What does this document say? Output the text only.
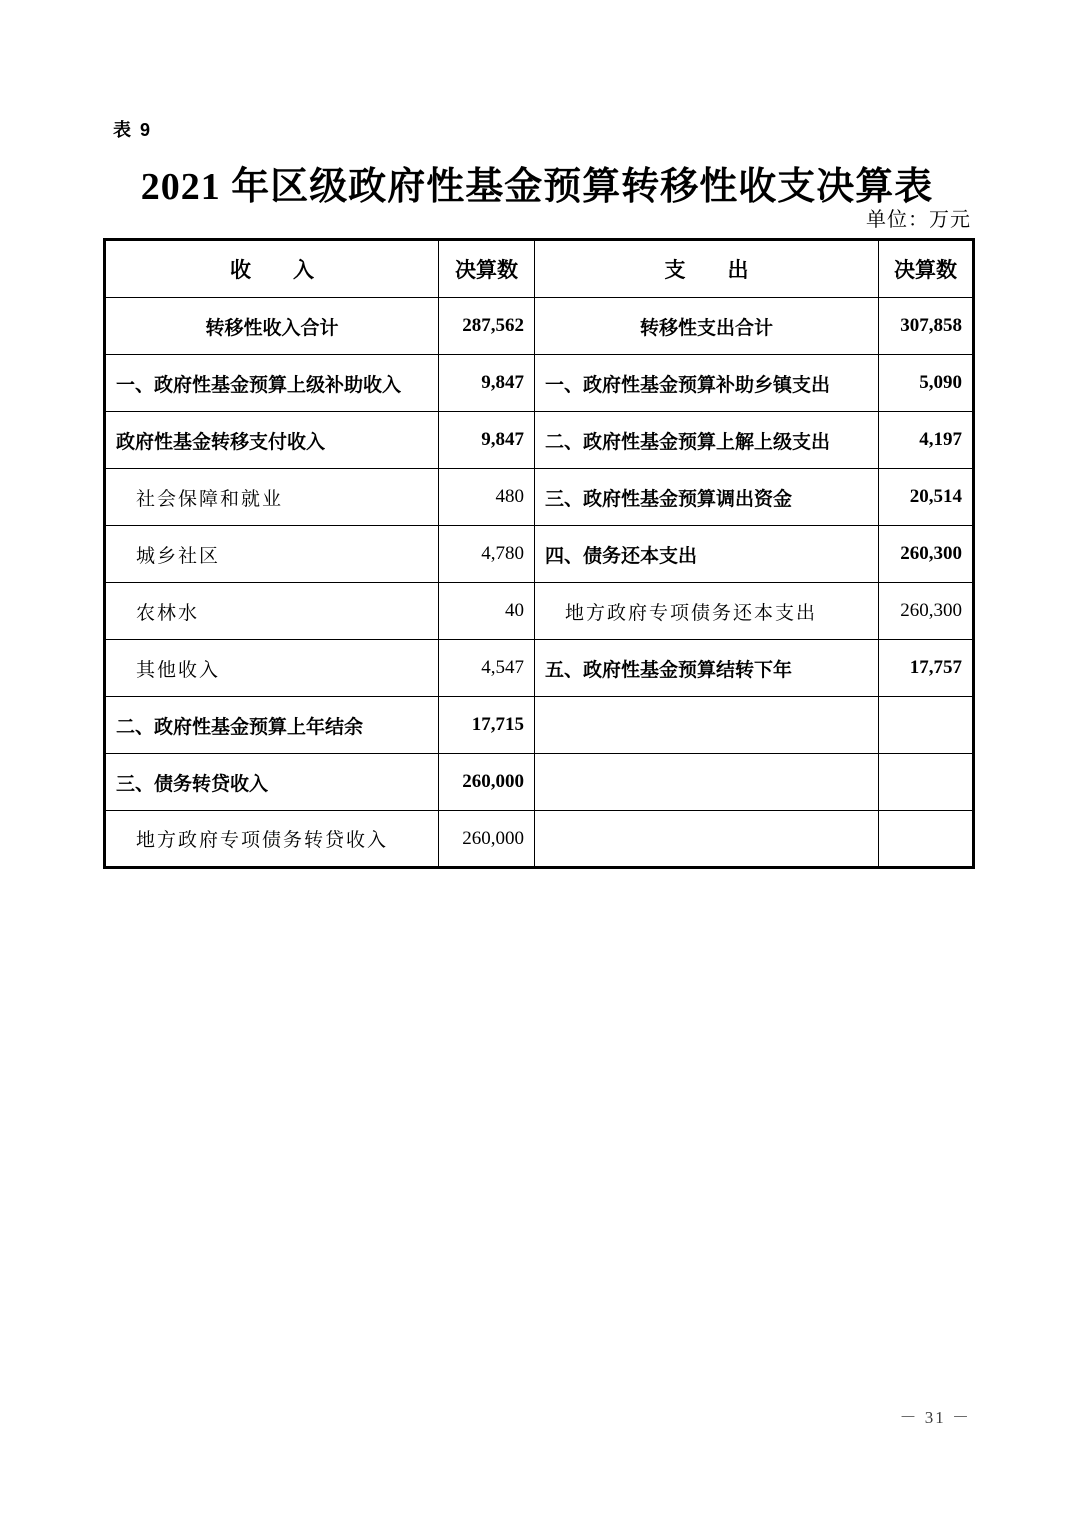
表 9
2021 年区级政府性基金预算转移性收支决算表
单位：万元
收　　入	决算数	支　　出	决算数
转移性收入合计	287,562	转移性支出合计	307,858
一、政府性基金预算上级补助收入	9,847	一、政府性基金预算补助乡镇支出	5,090
政府性基金转移支付收入	9,847	二、政府性基金预算上解上级支出	4,197
社会保障和就业	480	三、政府性基金预算调出资金	20,514
城乡社区	4,780	四、债务还本支出	260,300
农林水	40	地方政府专项债务还本支出	260,300
其他收入	4,547	五、政府性基金预算结转下年	17,757
二、政府性基金预算上年结余	17,715		
三、债务转贷收入	260,000		
地方政府专项债务转贷收入	260,000		
－ 31 －
